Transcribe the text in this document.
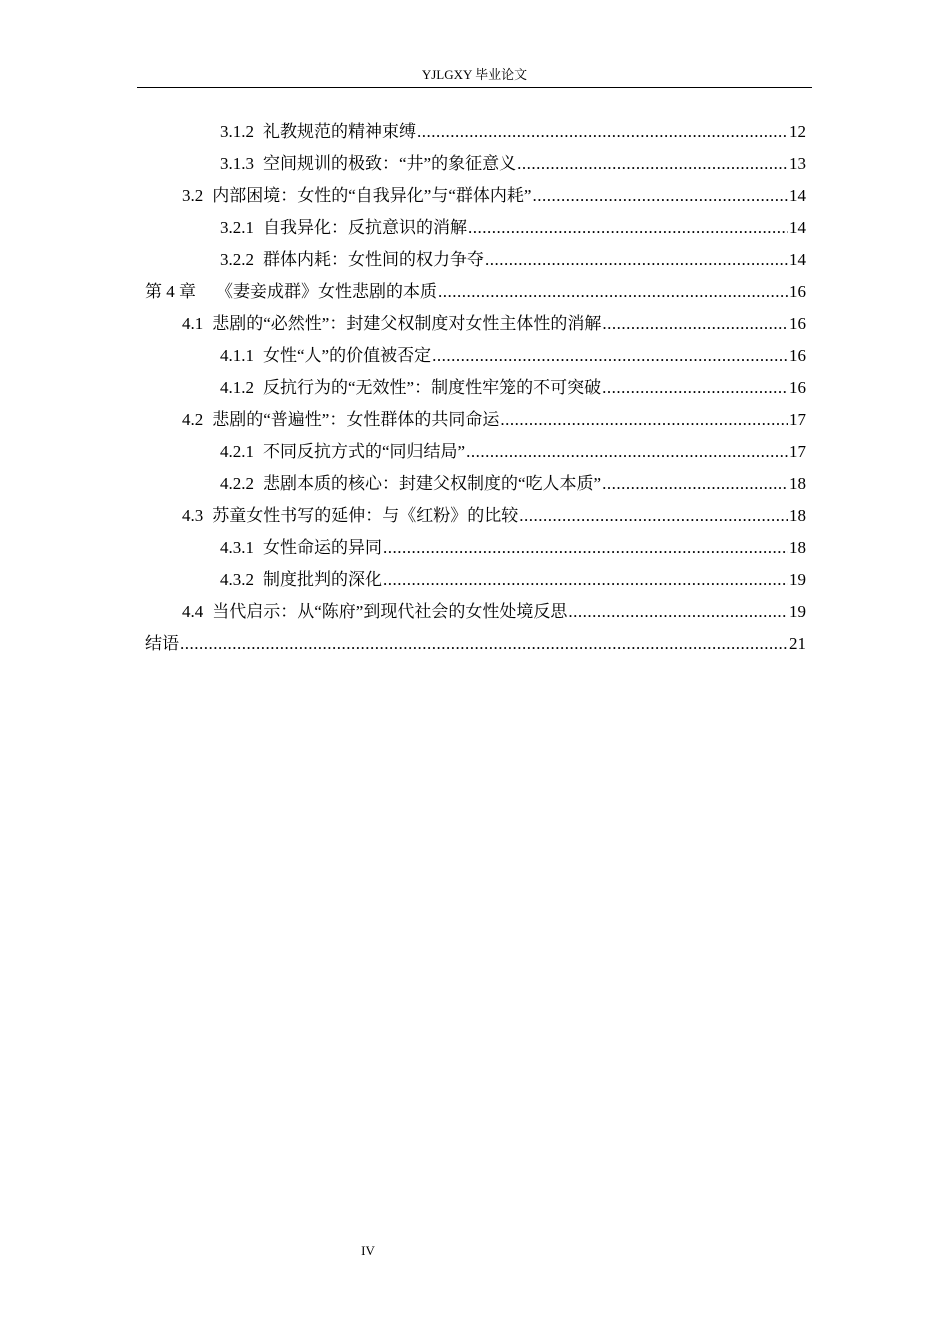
YJLGXY 毕业论文
3.1.2 礼教规范的精神束缚 .....	12
3.1.3 空间规训的极致：“井”的象征意义 .....	13
3.2 内部困境：女性的“自我异化”与“群体内耗” .....	14
3.2.1 自我异化：反抗意识的消解 .....	14
3.2.2 群体内耗：女性间的权力争夺 .....	14
第 4 章 《妻妾成群》女性悲剧的本质 .....	16
4.1 悲剧的“必然性”：封建父权制度对女性主体性的消解 .....	16
4.1.1 女性“人”的价值被否定 .....	16
4.1.2 反抗行为的“无效性”：制度性牢笼的不可突破 .....	16
4.2 悲剧的“普遍性”：女性群体的共同命运 .....	17
4.2.1 不同反抗方式的“同归结局” .....	17
4.2.2 悲剧本质的核心：封建父权制度的“吃人本质” .....	18
4.3 苏童女性书写的延伸：与《红粉》的比较 .....	18
4.3.1 女性命运的异同 .....	18
4.3.2 制度批判的深化 .....	19
4.4 当代启示：从“陈府”到现代社会的女性处境反思 .....	19
结语 .....	21
IV
